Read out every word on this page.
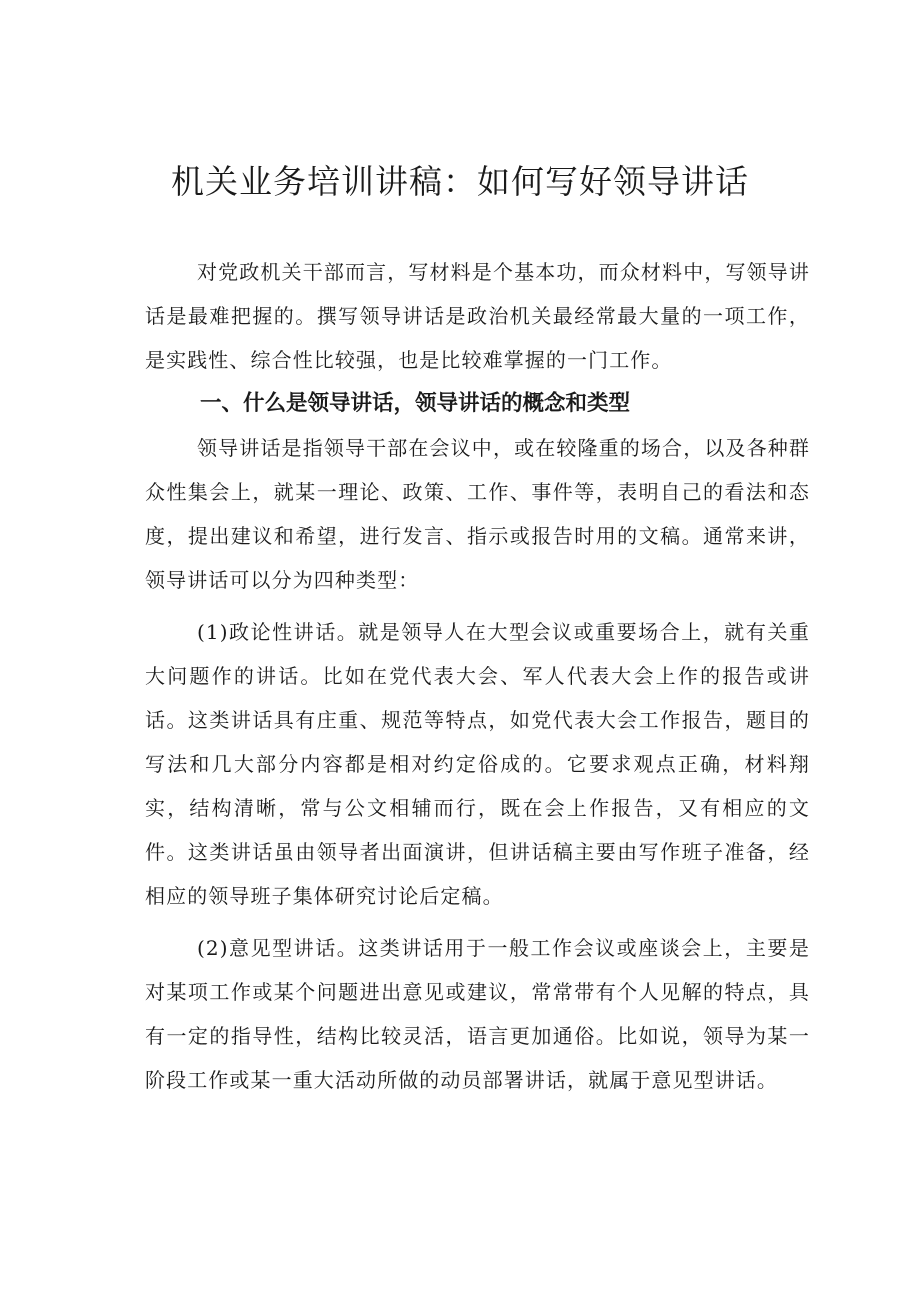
机关业务培训讲稿：如何写好领导讲话

对党政机关干部而言，写材料是个基本功，而众材料中，写领导讲话是最难把握的。撰写领导讲话是政治机关最经常最大量的一项工作，是实践性、综合性比较强，也是比较难掌握的一门工作。

一、什么是领导讲话，领导讲话的概念和类型

领导讲话是指领导干部在会议中，或在较隆重的场合，以及各种群众性集会上，就某一理论、政策、工作、事件等，表明自己的看法和态度，提出建议和希望，进行发言、指示或报告时用的文稿。通常来讲，领导讲话可以分为四种类型：

(1)政论性讲话。就是领导人在大型会议或重要场合上，就有关重大问题作的讲话。比如在党代表大会、军人代表大会上作的报告或讲话。这类讲话具有庄重、规范等特点，如党代表大会工作报告，题目的写法和几大部分内容都是相对约定俗成的。它要求观点正确，材料翔实，结构清晰，常与公文相辅而行，既在会上作报告，又有相应的文件。这类讲话虽由领导者出面演讲，但讲话稿主要由写作班子准备，经相应的领导班子集体研究讨论后定稿。

(2)意见型讲话。这类讲话用于一般工作会议或座谈会上，主要是对某项工作或某个问题进出意见或建议，常常带有个人见解的特点，具有一定的指导性，结构比较灵活，语言更加通俗。比如说，领导为某一阶段工作或某一重大活动所做的动员部署讲话，就属于意见型讲话。
